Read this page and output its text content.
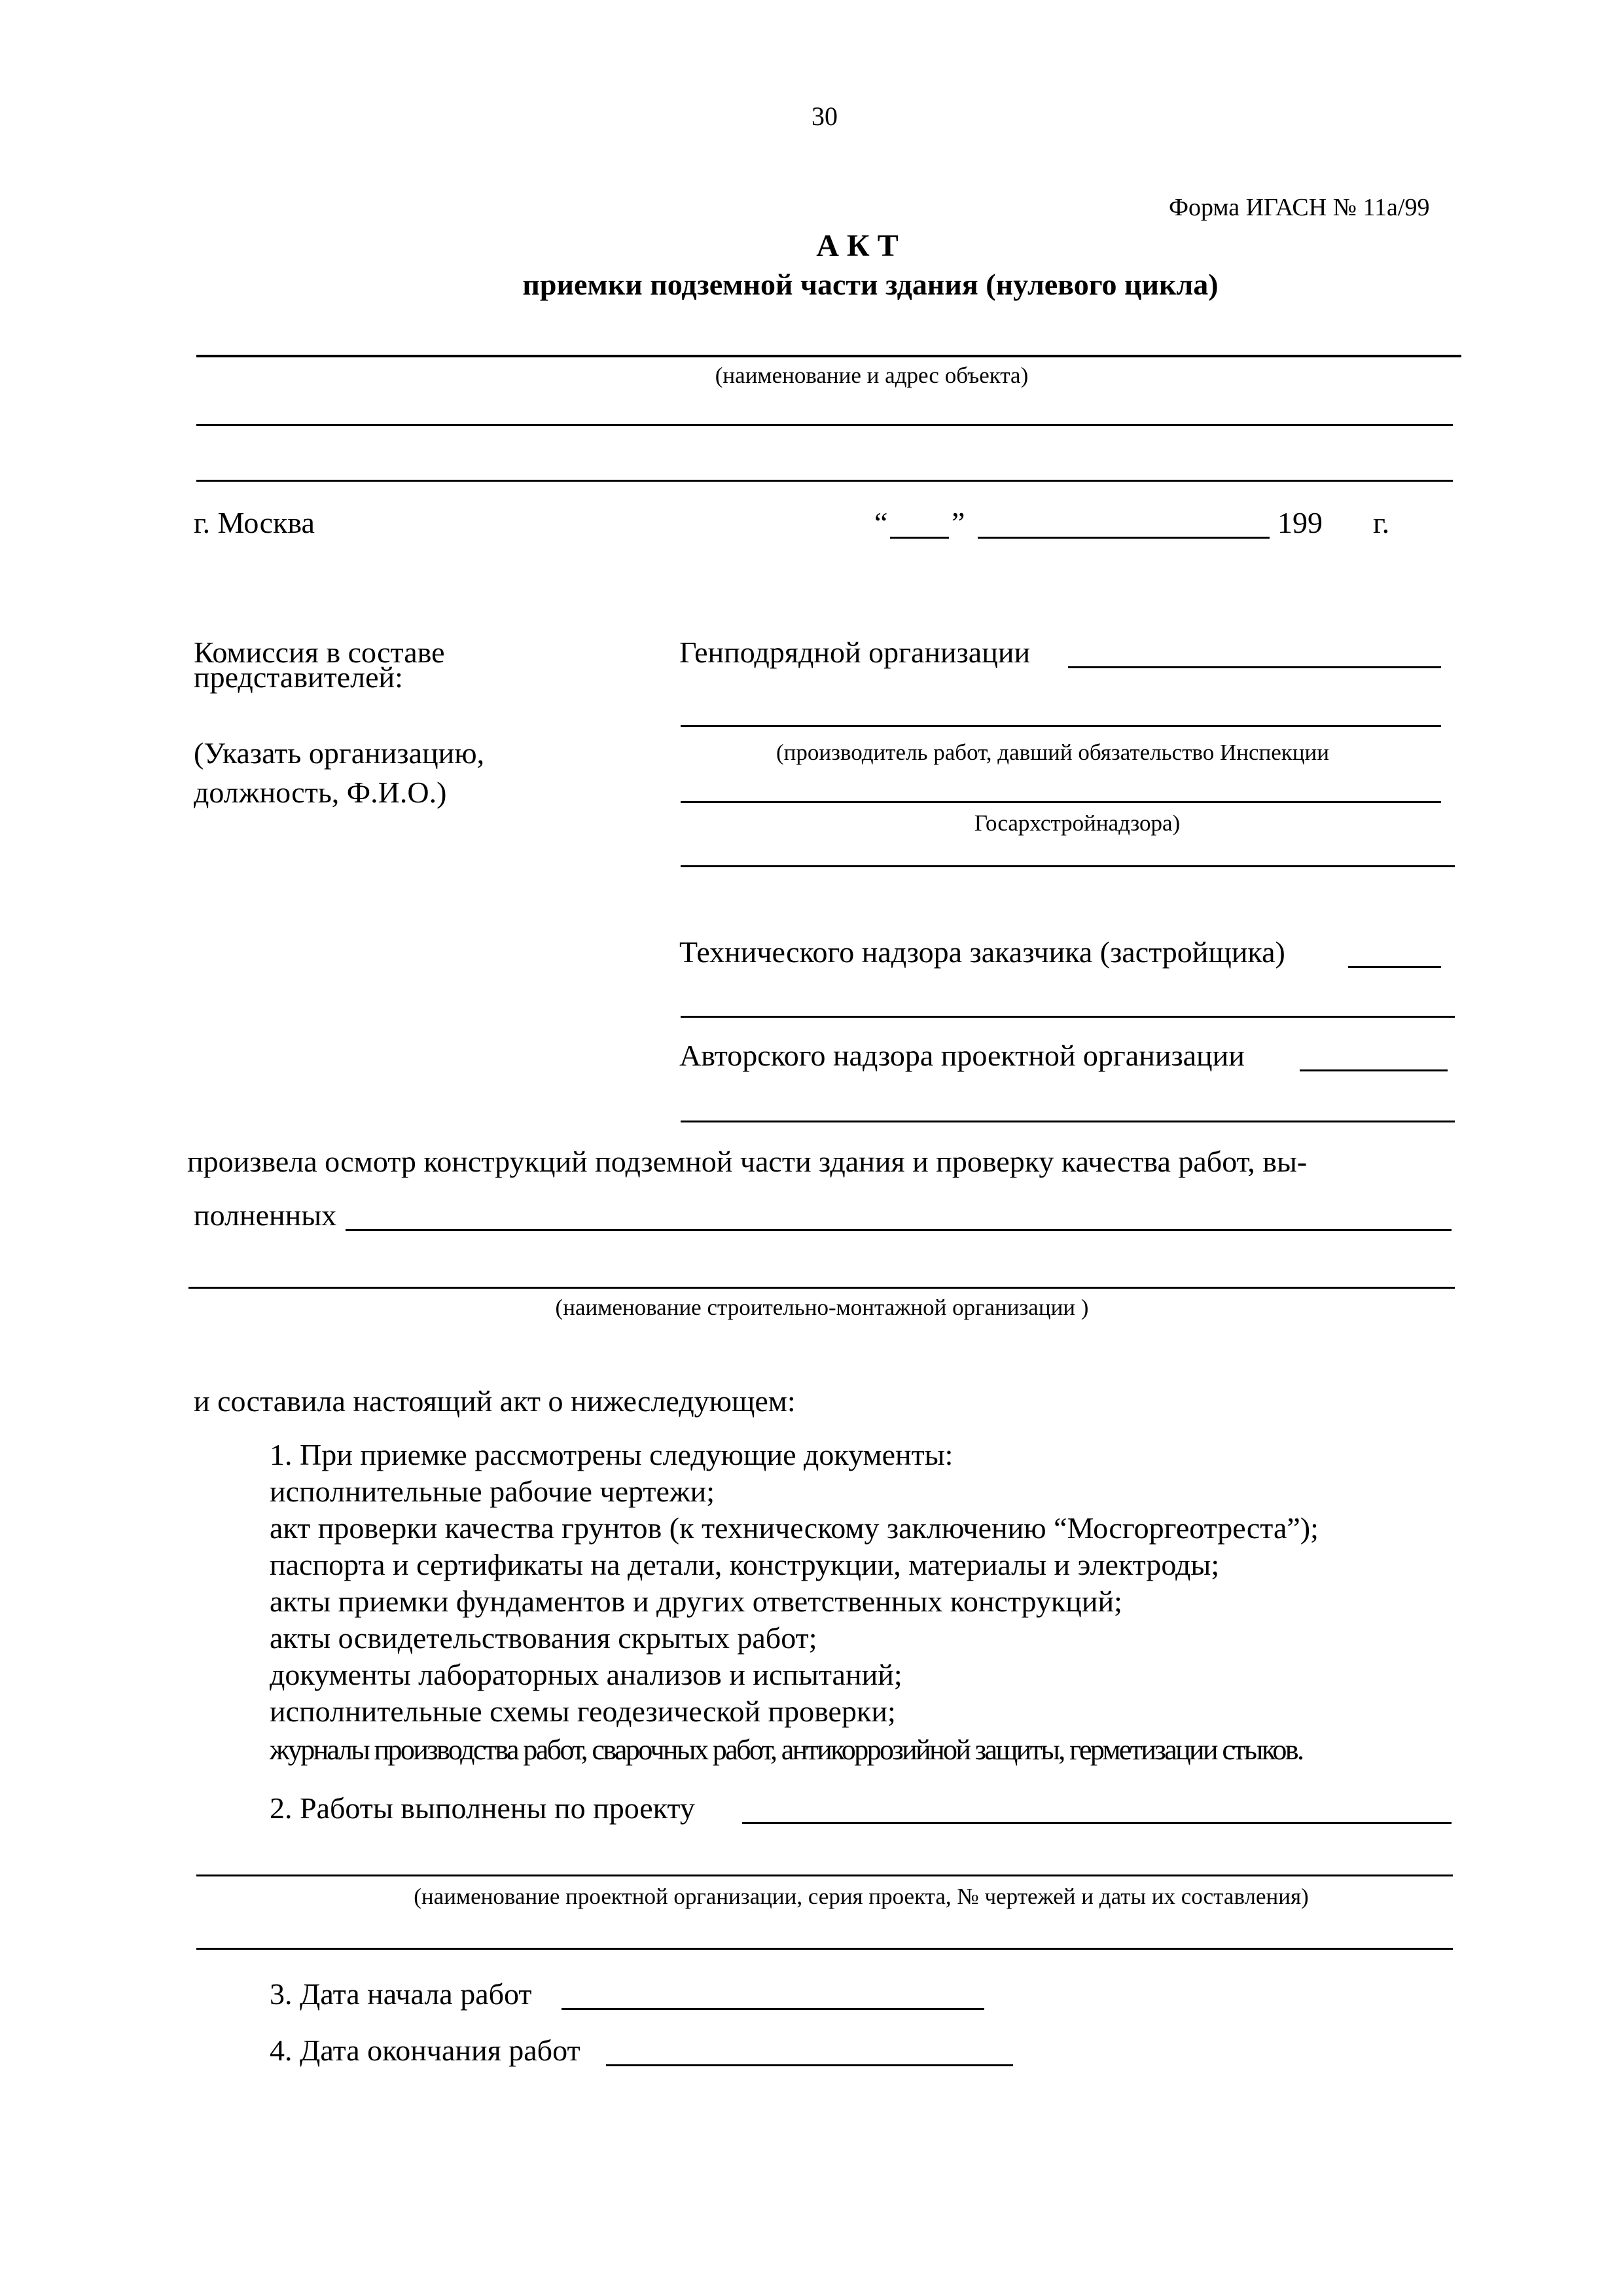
30
Форма ИГАСН № 11а/99
А К Т
приемки подземной части здания (нулевого цикла)
(наименование и адрес объекта)
г. Москва	“ ”	199 г.
Комиссия в составе
представителей:
(Указать организацию,
должность, Ф.И.О.)
Генподрядной организации
(производитель работ, давший обязательство Инспекции
Госархстройнадзора)
Технического надзора заказчика (застройщика)
Авторского надзора проектной организации
произвела осмотр конструкций подземной части здания и проверку качества работ, вы-
полненных
(наименование строительно-монтажной организации )
и составила настоящий акт о нижеследующем:
1. При приемке рассмотрены следующие документы:
исполнительные рабочие чертежи;
акт проверки качества грунтов (к техническому заключению “Мосгоргеотреста”);
паспорта и сертификаты на детали, конструкции, материалы и электроды;
акты приемки фундаментов и других ответственных конструкций;
акты освидетельствования скрытых работ;
документы лабораторных анализов и испытаний;
исполнительные схемы геодезической проверки;
журналы производства работ, сварочных работ, антикоррозийной защиты, герметизации стыков.
2. Работы выполнены по проекту
(наименование проектной организации, серия проекта, № чертежей и даты их составления)
3. Дата начала работ
4. Дата окончания работ
